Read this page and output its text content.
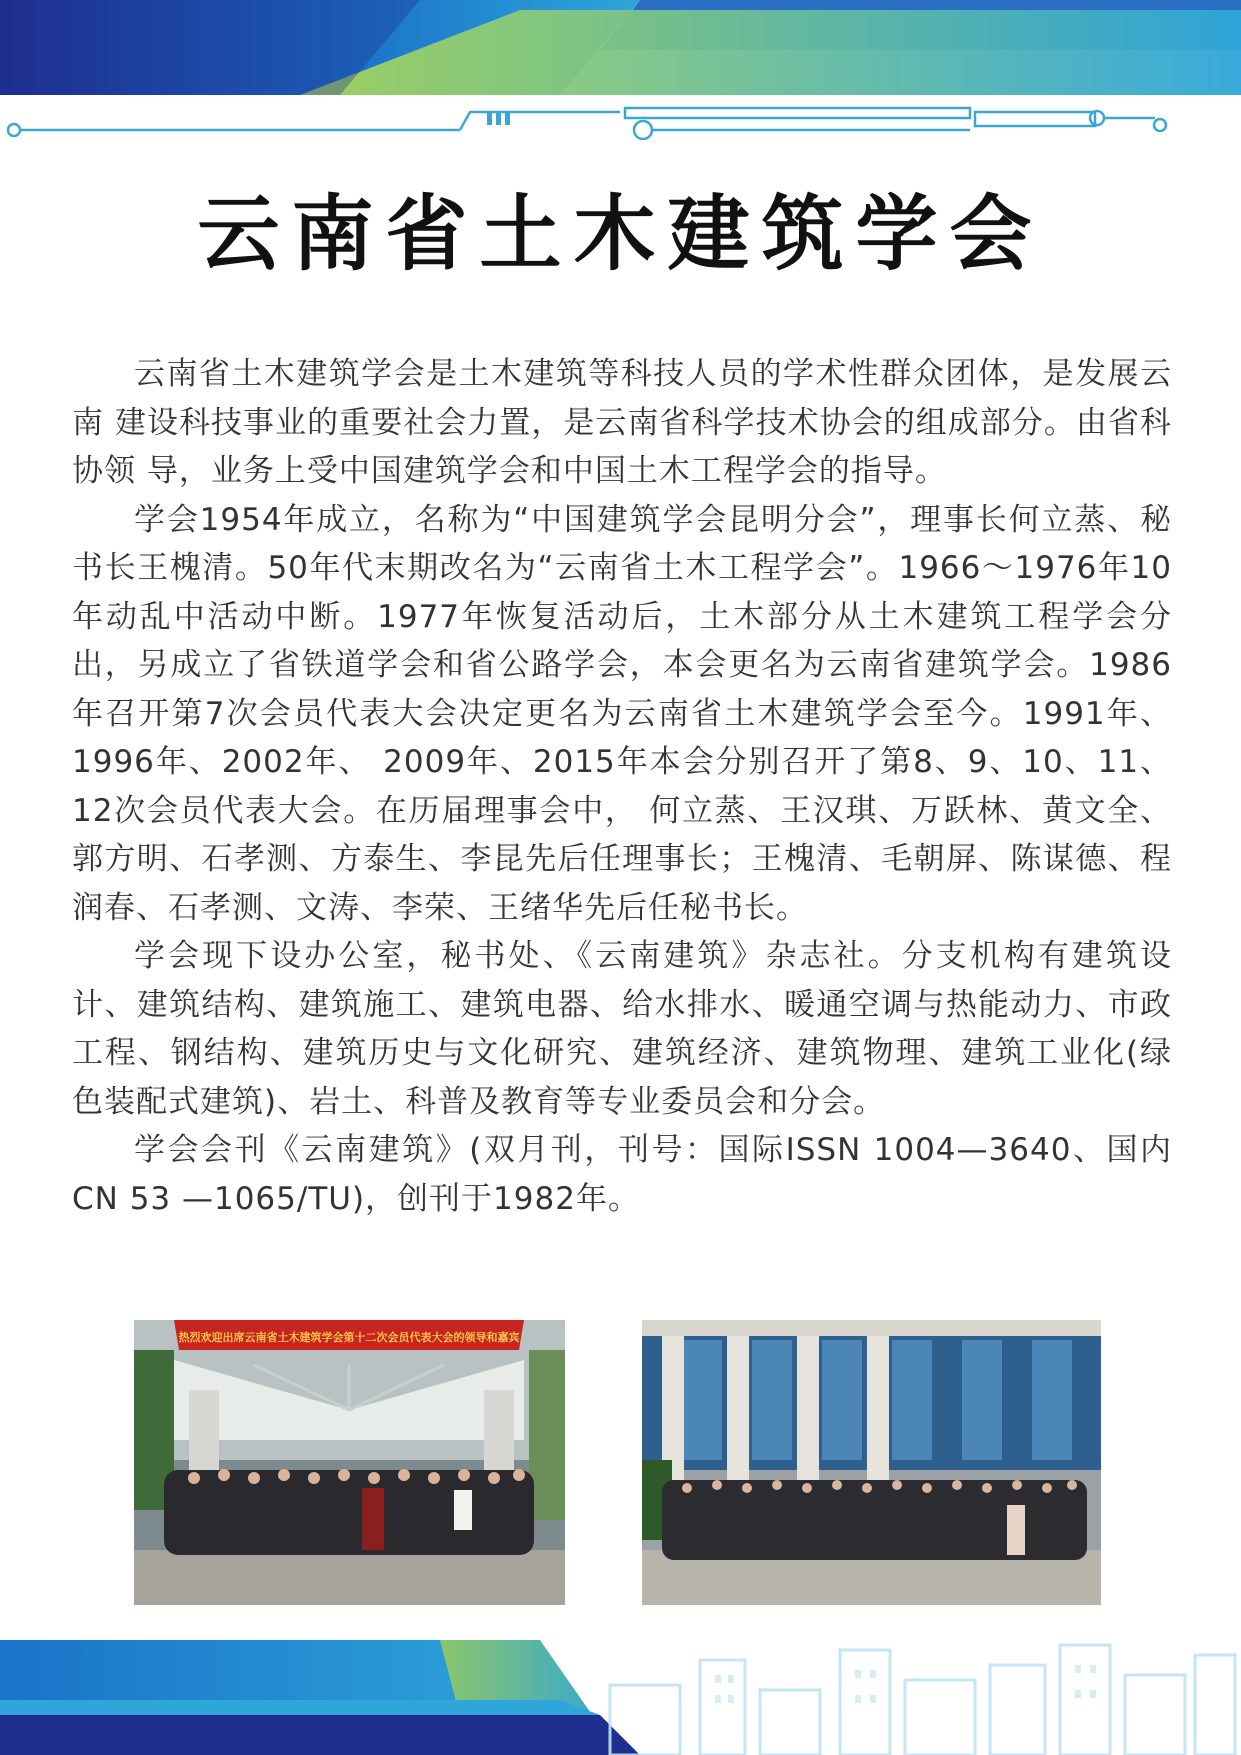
云南省土木建筑学会

云南省土木建筑学会是土木建筑等科技人员的学术性群众团体，是发展云南 建设科技事业的重要社会力置，是云南省科学技术协会的组成部分。由省科协领 导，业务上受中国建筑学会和中国土木工程学会的指导。

学会1954年成立，名称为“中国建筑学会昆明分会”，理事长何立蒸、秘书长王槐清。50年代末期改名为“云南省土木工程学会”。1966～1976年10年动乱中活动中断。1977年恢复活动后，土木部分从土木建筑工程学会分出，另成立了省铁道学会和省公路学会，本会更名为云南省建筑学会。1986年召开第7次会员代表大会决定更名为云南省土木建筑学会至今。1991年、1996年、2002年、 2009年、2015年本会分别召开了第8、9、10、11、12次会员代表大会。在历届理事会中， 何立蒸、王汉琪、万跃林、黄文全、郭方明、石孝测、方泰生、李昆先后任理事长；王槐清、毛朝屏、陈谋德、程润春、石孝测、文涛、李荣、王绪华先后任秘书长。

学会现下设办公室，秘书处、《云南建筑》杂志社。分支机构有建筑设计、建筑结构、建筑施工、建筑电器、给水排水、暖通空调与热能动力、市政工程、钢结构、建筑历史与文化研究、建筑经济、建筑物理、建筑工业化(绿色装配式建筑)、岩土、科普及教育等专业委员会和分会。

学会会刊《云南建筑》(双月刊，刊号：国际ISSN 1004—3640、国内CN 53 —1065/TU)，创刊于1982年。

热烈欢迎出席云南省土木建筑学会第十二次会员代表大会的领导和嘉宾
